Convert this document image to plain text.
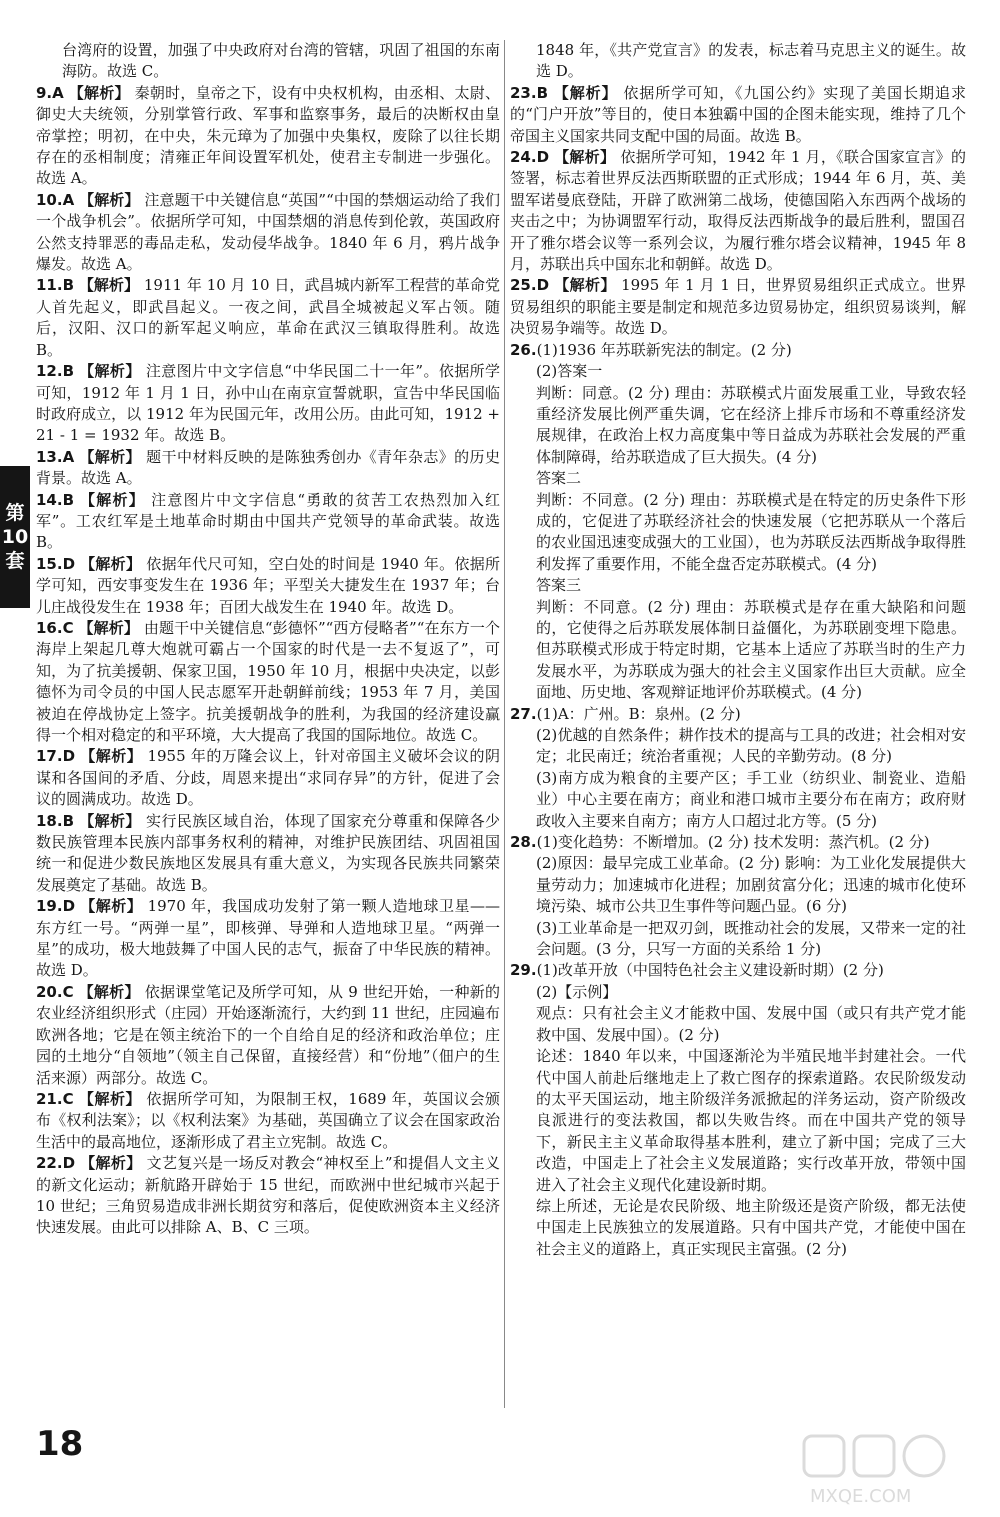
台湾府的设置，加强了中央政府对台湾的管辖，巩固了祖国的东南海防。故选 C。

9.A 【解析】 秦朝时，皇帝之下，设有中央权机构，由丞相、太尉、御史大夫统领，分别掌管行政、军事和监察事务，最后的决断权由皇帝掌控；明初，在中央，朱元璋为了加强中央集权，废除了以往长期存在的丞相制度；清雍正年间设置军机处，使君主专制进一步强化。故选 A。

10.A 【解析】 注意题干中关键信息“英国”“中国的禁烟运动给了我们一个战争机会”。依据所学可知，中国禁烟的消息传到伦敦，英国政府公然支持罪恶的毒品走私，发动侵华战争。1840 年 6 月，鸦片战争爆发。故选 A。

11.B 【解析】 1911 年 10 月 10 日，武昌城内新军工程营的革命党人首先起义，即武昌起义。一夜之间，武昌全城被起义军占领。随后，汉阳、汉口的新军起义响应，革命在武汉三镇取得胜利。故选 B。

12.B 【解析】 注意图片中文字信息“中华民国二十一年”。依据所学可知，1912 年 1 月 1 日，孙中山在南京宣誓就职，宣告中华民国临时政府成立，以 1912 年为民国元年，改用公历。由此可知，1912 + 21 - 1 = 1932 年。故选 B。

13.A 【解析】 题干中材料反映的是陈独秀创办《青年杂志》的历史背景。故选 A。

14.B 【解析】 注意图片中文字信息“勇敢的贫苦工农热烈加入红军”。工农红军是土地革命时期由中国共产党领导的革命武装。故选 B。

15.D 【解析】 依据年代尺可知，空白处的时间是 1940 年。依据所学可知，西安事变发生在 1936 年；平型关大捷发生在 1937 年；台儿庄战役发生在 1938 年；百团大战发生在 1940 年。故选 D。

16.C 【解析】 由题干中关键信息“彭德怀”“西方侵略者”“在东方一个海岸上架起几尊大炮就可霸占一个国家的时代是一去不复返了”，可知，为了抗美援朝、保家卫国，1950 年 10 月，根据中央决定，以彭德怀为司令员的中国人民志愿军开赴朝鲜前线；1953 年 7 月，美国被迫在停战协定上签字。抗美援朝战争的胜利，为我国的经济建设赢得一个相对稳定的和平环境，大大提高了我国的国际地位。故选 C。

17.D 【解析】 1955 年的万隆会议上，针对帝国主义破坏会议的阴谋和各国间的矛盾、分歧，周恩来提出“求同存异”的方针，促进了会议的圆满成功。故选 D。

18.B 【解析】 实行民族区域自治，体现了国家充分尊重和保障各少数民族管理本民族内部事务权利的精神，对维护民族团结、巩固祖国统一和促进少数民族地区发展具有重大意义，为实现各民族共同繁荣发展奠定了基础。故选 B。

19.D 【解析】 1970 年，我国成功发射了第一颗人造地球卫星——东方红一号。“两弹一星”，即核弹、导弹和人造地球卫星。“两弹一星”的成功，极大地鼓舞了中国人民的志气，振奋了中华民族的精神。故选 D。

20.C 【解析】 依据课堂笔记及所学可知，从 9 世纪开始，一种新的农业经济组织形式（庄园）开始逐渐流行，大约到 11 世纪，庄园遍布欧洲各地；它是在领主统治下的一个自给自足的经济和政治单位；庄园的土地分“自领地”（领主自己保留，直接经营）和“份地”（佃户的生活来源）两部分。故选 C。

21.C 【解析】 依据所学可知，为限制王权，1689 年，英国议会颁布《权利法案》；以《权利法案》为基础，英国确立了议会在国家政治生活中的最高地位，逐渐形成了君主立宪制。故选 C。

22.D 【解析】 文艺复兴是一场反对教会“神权至上”和提倡人文主义的新文化运动；新航路开辟始于 15 世纪，而欧洲中世纪城市兴起于 10 世纪；三角贸易造成非洲长期贫穷和落后，促使欧洲资本主义经济快速发展。由此可以排除 A、B、C 三项。

1848 年，《共产党宣言》的发表，标志着马克思主义的诞生。故选 D。

23.B 【解析】 依据所学可知，《九国公约》实现了美国长期追求的“门户开放”等目的，使日本独霸中国的企图未能实现，维持了几个帝国主义国家共同支配中国的局面。故选 B。

24.D 【解析】 依据所学可知，1942 年 1 月，《联合国家宣言》的签署，标志着世界反法西斯联盟的正式形成；1944 年 6 月，英、美盟军诺曼底登陆，开辟了欧洲第二战场，使德国陷入东西两个战场的夹击之中；为协调盟军行动，取得反法西斯战争的最后胜利，盟国召开了雅尔塔会议等一系列会议，为履行雅尔塔会议精神，1945 年 8 月，苏联出兵中国东北和朝鲜。故选 D。

25.D 【解析】 1995 年 1 月 1 日，世界贸易组织正式成立。世界贸易组织的职能主要是制定和规范多边贸易协定，组织贸易谈判，解决贸易争端等。故选 D。

26.(1)1936 年苏联新宪法的制定。(2 分)

(2)答案一

判断：同意。(2 分) 理由：苏联模式片面发展重工业，导致农轻重经济发展比例严重失调，它在经济上排斥市场和不尊重经济发展规律，在政治上权力高度集中等日益成为苏联社会发展的严重体制障碍，给苏联造成了巨大损失。(4 分)

答案二

判断：不同意。(2 分) 理由：苏联模式是在特定的历史条件下形成的，它促进了苏联经济社会的快速发展（它把苏联从一个落后的农业国迅速变成强大的工业国），也为苏联反法西斯战争取得胜利发挥了重要作用，不能全盘否定苏联模式。(4 分)

答案三

判断：不同意。(2 分) 理由：苏联模式是存在重大缺陷和问题的，它使得之后苏联发展体制日益僵化，为苏联剧变埋下隐患。但苏联模式形成于特定时期，它基本上适应了苏联当时的生产力发展水平，为苏联成为强大的社会主义国家作出巨大贡献。应全面地、历史地、客观辩证地评价苏联模式。(4 分)

27.(1)A：广州。B：泉州。(2 分)

(2)优越的自然条件；耕作技术的提高与工具的改进；社会相对安定；北民南迁；统治者重视；人民的辛勤劳动。(8 分)

(3)南方成为粮食的主要产区；手工业（纺织业、制瓷业、造船业）中心主要在南方；商业和港口城市主要分布在南方；政府财政收入主要来自南方；南方人口超过北方等。(5 分)

28.(1)变化趋势：不断增加。(2 分) 技术发明：蒸汽机。(2 分)

(2)原因：最早完成工业革命。(2 分) 影响：为工业化发展提供大量劳动力；加速城市化进程；加剧贫富分化；迅速的城市化使环境污染、城市公共卫生事件等问题凸显。(6 分)

(3)工业革命是一把双刃剑，既推动社会的发展，又带来一定的社会问题。(3 分，只写一方面的关系给 1 分)

29.(1)改革开放（中国特色社会主义建设新时期）(2 分)

(2)【示例】

观点：只有社会主义才能救中国、发展中国（或只有共产党才能救中国、发展中国）。(2 分)

论述：1840 年以来，中国逐渐沦为半殖民地半封建社会。一代代中国人前赴后继地走上了救亡图存的探索道路。农民阶级发动的太平天国运动，地主阶级洋务派掀起的洋务运动，资产阶级改良派进行的变法救国，都以失败告终。而在中国共产党的领导下，新民主主义革命取得基本胜利，建立了新中国；完成了三大改造，中国走上了社会主义发展道路；实行改革开放，带领中国进入了社会主义现代化建设新时期。

综上所述，无论是农民阶级、地主阶级还是资产阶级，都无法使中国走上民族独立的发展道路。只有中国共产党，才能使中国在社会主义的道路上，真正实现民主富强。(2 分)

第
10
套
18
MXQE.COM
